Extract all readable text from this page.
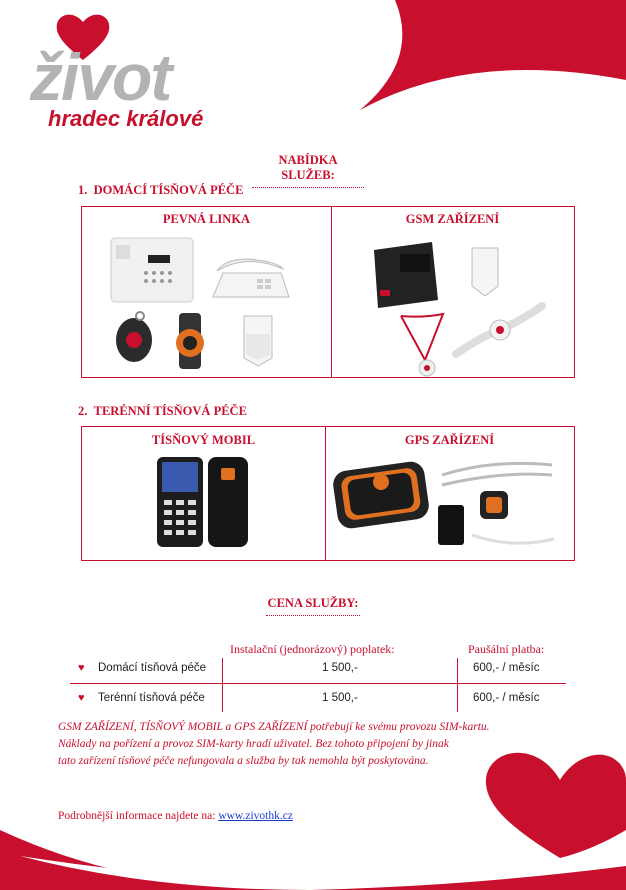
život
hradec králové
NABÍDKA SLUŽEB:
1.  DOMÁCÍ TÍSŇOVÁ PÉČE
PEVNÁ LINKA	GSM ZAŘÍZENÍ
2.  TERÉNNÍ TÍSŇOVÁ PÉČE
TÍSŇOVÝ MOBIL	GPS ZAŘÍZENÍ
CENA SLUŽBY:
Instalační (jednorázový) poplatek:	Paušální platba:
♥ Domácí tísňová péče	1 500,-	600,- / měsíc
♥ Terénní tísňová péče	1 500,-	600,- / měsíc
GSM ZAŘÍZENÍ, TÍSŇOVÝ MOBIL a GPS ZAŘÍZENÍ potřebují ke svému provozu SIM-kartu.
Náklady na pořízení a provoz SIM-karty hradí uživatel. Bez tohoto připojení by jinak
tato zařízení tísňové péče nefungovala a služba by tak nemohla být poskytována.
Podrobnější informace najdete na: www.zivothk.cz
